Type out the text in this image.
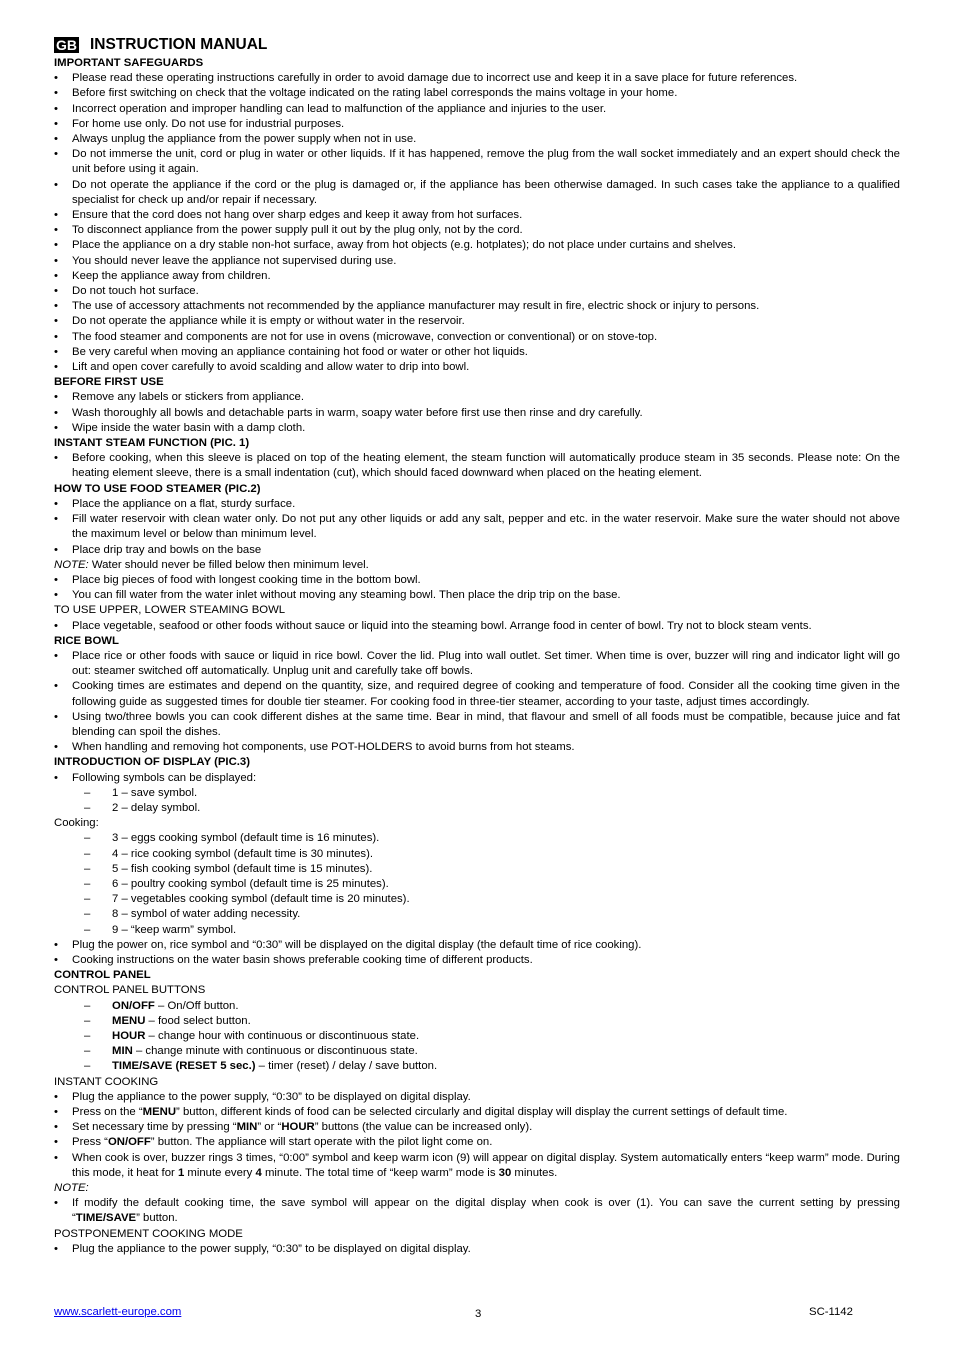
GB INSTRUCTION MANUAL
IMPORTANT SAFEGUARDS
•	Please read these operating instructions carefully in order to avoid damage due to incorrect use and keep it in a save place for future references.
•	Before first switching on check that the voltage indicated on the rating label corresponds the mains voltage in your home.
•	Incorrect operation and improper handling can lead to malfunction of the appliance and injuries to the user.
•	For home use only. Do not use for industrial purposes.
•	Always unplug the appliance from the power supply when not in use.
•	Do not immerse the unit, cord or plug in water or other liquids. If it has happened, remove the plug from the wall socket immediately and an expert should check the unit before using it again.
•	Do not operate the appliance if the cord or the plug is damaged or, if the appliance has been otherwise damaged. In such cases take the appliance to a qualified specialist for check up and/or repair if necessary.
•	Ensure that the cord does not hang over sharp edges and keep it away from hot surfaces.
•	To disconnect appliance from the power supply pull it out by the plug only, not by the cord.
•	Place the appliance on a dry stable non-hot surface, away from hot objects (e.g. hotplates); do not place under curtains and shelves.
•	You should never leave the appliance not supervised during use.
•	Keep the appliance away from children.
•	Do not touch hot surface.
•	The use of accessory attachments not recommended by the appliance manufacturer may result in fire, electric shock or injury to persons.
•	Do not operate the appliance while it is empty or without water in the reservoir.
•	The food steamer and components are not for use in ovens (microwave, convection or conventional) or on stove-top.
•	Be very careful when moving an appliance containing hot food or water or other hot liquids.
•	Lift and open cover carefully to avoid scalding and allow water to drip into bowl.
BEFORE FIRST USE
•	Remove any labels or stickers from appliance.
•	Wash thoroughly all bowls and detachable parts in warm, soapy water before first use then rinse and dry carefully.
•	Wipe inside the water basin with a damp cloth.
INSTANT STEAM FUNCTION (PIC. 1)
•	Before cooking, when this sleeve is placed on top of the heating element, the steam function will automatically produce steam in 35 seconds. Please note: On the heating element sleeve, there is a small indentation (cut), which should faced downward when placed on the heating element.
HOW TO USE FOOD STEAMER (PIC.2)
•	Place the appliance on a flat, sturdy surface.
•	Fill water reservoir with clean water only. Do not put any other liquids or add any salt, pepper and etc. in the water reservoir. Make sure the water should not above the maximum level or below than minimum level.
•	Place drip tray and bowls on the base
NOTE: Water should never be filled below then minimum level.
•	Place big pieces of food with longest cooking time in the bottom bowl.
•	You can fill water from the water inlet without moving any steaming bowl. Then place the drip trip on the base.
TO USE UPPER, LOWER STEAMING BOWL
•	Place vegetable, seafood or other foods without sauce or liquid into the steaming bowl. Arrange food in center of bowl. Try not to block steam vents.
RICE BOWL
•	Place rice or other foods with sauce or liquid in rice bowl. Cover the lid. Plug into wall outlet. Set timer. When time is over, buzzer will ring and indicator light will go out: steamer switched off automatically. Unplug unit and carefully take off bowls.
•	Cooking times are estimates and depend on the quantity, size, and required degree of cooking and temperature of food. Consider all the cooking time given in the following guide as suggested times for double tier steamer. For cooking food in three-tier steamer, according to your taste, adjust times accordingly.
•	Using two/three bowls you can cook different dishes at the same time. Bear in mind, that flavour and smell of all foods must be compatible, because juice and fat blending can spoil the dishes.
•	When handling and removing hot components, use POT-HOLDERS to avoid burns from hot steams.
INTRODUCTION OF DISPLAY (PIC.3)
•	Following symbols can be displayed:
–	1 – save symbol.
–	2 – delay symbol.
Cooking:
–	3 – eggs cooking symbol (default time is 16 minutes).
–	4 – rice cooking symbol (default time is 30 minutes).
–	5 – fish cooking symbol (default time is 15 minutes).
–	6 – poultry cooking symbol (default time is 25 minutes).
–	7 – vegetables cooking symbol (default time is 20 minutes).
–	8 – symbol of water adding necessity.
–	9 – “keep warm” symbol.
•	Plug the power on, rice symbol and “0:30” will be displayed on the digital display (the default time of rice cooking).
•	Cooking instructions on the water basin shows preferable cooking time of different products.
CONTROL PANEL
CONTROL PANEL BUTTONS
–	ON/OFF – On/Off button.
–	MENU – food select button.
–	HOUR – change hour with continuous or discontinuous state.
–	MIN – change minute with continuous or discontinuous state.
–	TIME/SAVE (RESET 5 sec.) – timer (reset) / delay / save button.
INSTANT COOKING
•	Plug the appliance to the power supply, “0:30” to be displayed on digital display.
•	Press on the “MENU” button, different kinds of food can be selected circularly and digital display will display the current settings of default time.
•	Set necessary time by pressing “MIN” or “HOUR” buttons (the value can be increased only).
•	Press “ON/OFF” button. The appliance will start operate with the pilot light come on.
•	When cook is over, buzzer rings 3 times, “0:00” symbol and keep warm icon (9) will appear on digital display. System automatically enters “keep warm” mode. During this mode, it heat for 1 minute every 4 minute. The total time of “keep warm” mode is 30 minutes.
NOTE:
•	If modify the default cooking time, the save symbol will appear on the digital display when cook is over (1). You can save the current setting by pressing “TIME/SAVE” button.
POSTPONEMENT COOKING MODE
•	Plug the appliance to the power supply, “0:30” to be displayed on digital display.
www.scarlett-europe.com	3	SC-1142
